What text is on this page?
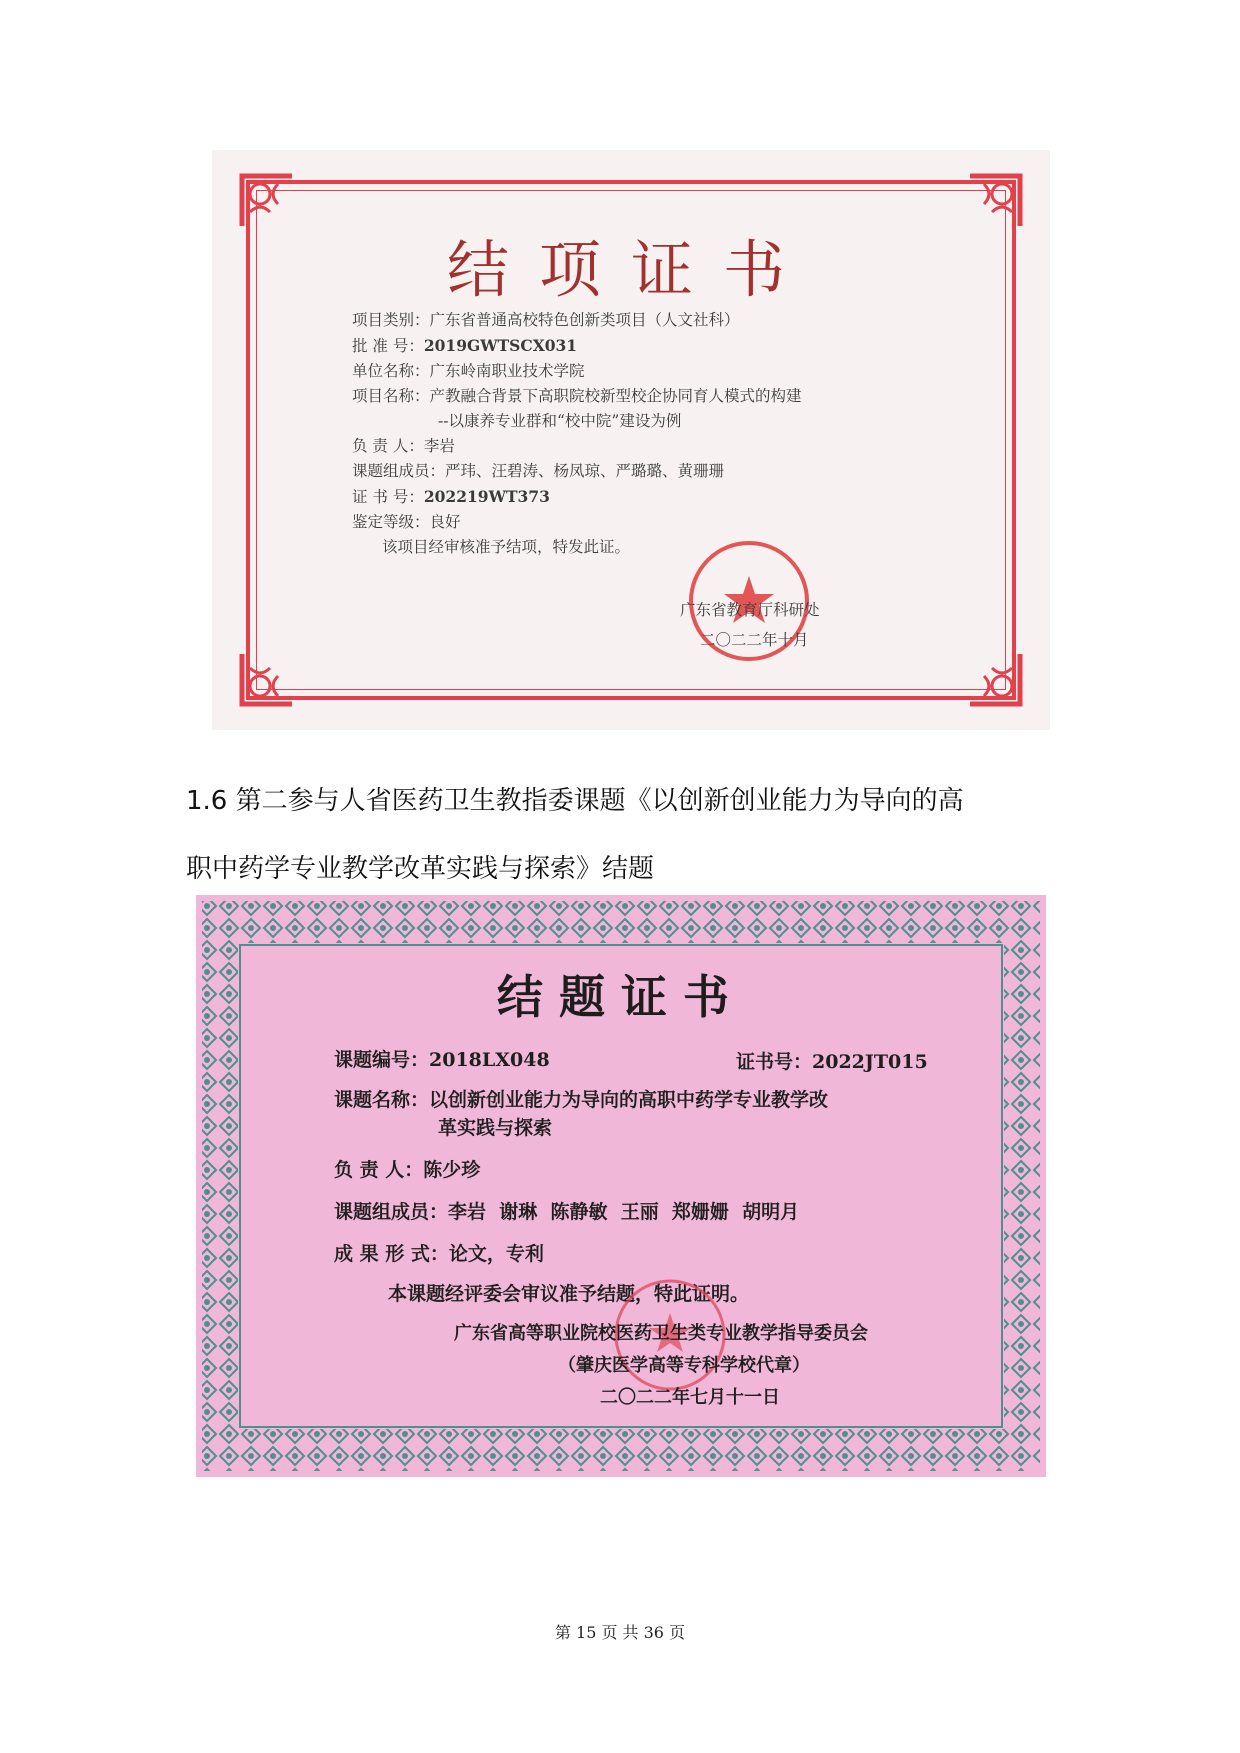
结项证书
项目类别：广东省普通高校特色创新类项目（人文社科）
批 准 号：2019GWTSCX031
单位名称：广东岭南职业技术学院
项目名称：产教融合背景下高职院校新型校企协同育人模式的构建
--以康养专业群和“校中院”建设为例
负 责 人：李岩
课题组成员：严玮、汪碧涛、杨凤琼、严璐璐、黄珊珊
证 书 号：202219WT373
鉴定等级：良好
该项目经审核准予结项，特发此证。
广东省教育厅科研处
二〇二二年十月
1.6 第二参与人省医药卫生教指委课题《以创新创业能力为导向的高
职中药学专业教学改革实践与探索》结题
结题证书
课题编号：2018LX048	证书号：2022JT015
课题名称：以创新创业能力为导向的高职中药学专业教学改
革实践与探索
负 责 人：陈少珍
课题组成员：李岩  谢琳  陈静敏  王丽  郑姗姗  胡明月
成 果 形 式：论文，专利
本课题经评委会审议准予结题，特此证明。
广东省高等职业院校医药卫生类专业教学指导委员会
（肇庆医学高等专科学校代章）
二〇二二年七月十一日
第 15 页 共 36 页
